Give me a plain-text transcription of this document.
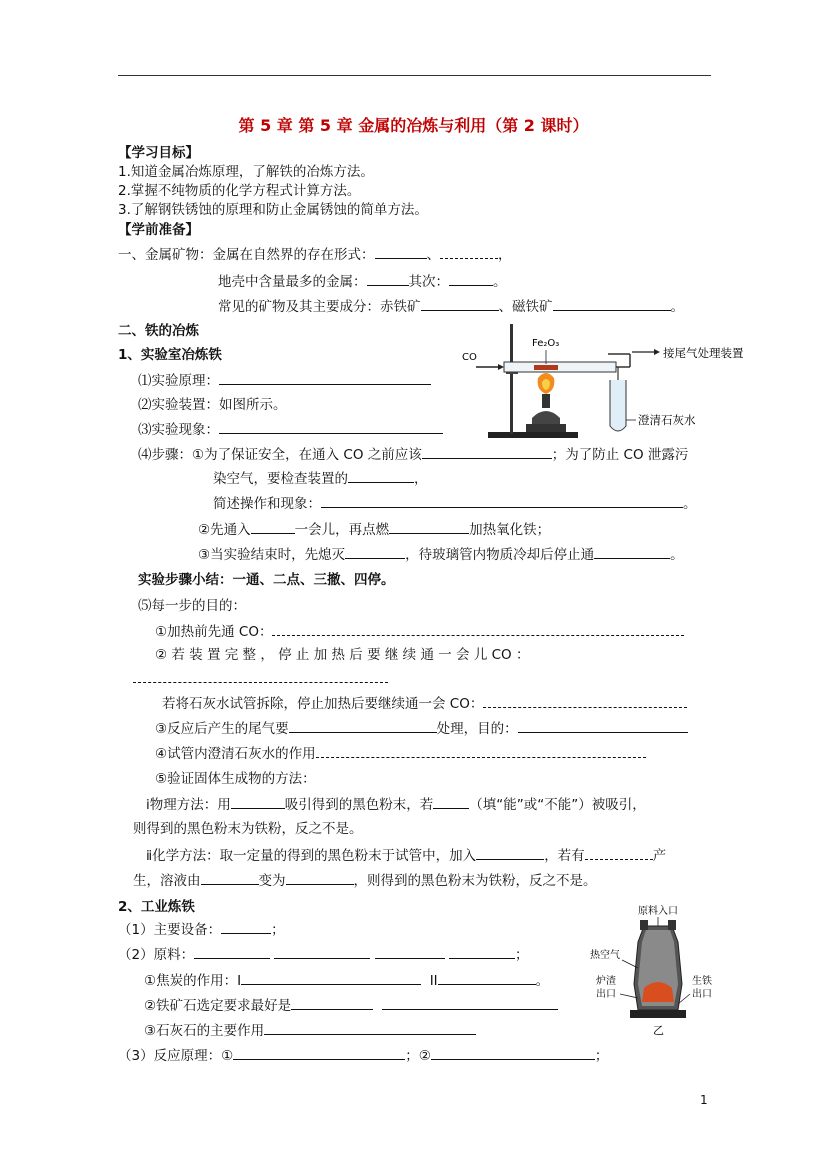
第 5 章 第 5 章 金属的冶炼与利用（第 2 课时）
【学习目标】
1.知道金属冶炼原理，了解铁的冶炼方法。
2.掌握不纯物质的化学方程式计算方法。
3.了解钢铁锈蚀的原理和防止金属锈蚀的简单方法。
【学前准备】
一、金属矿物：金属在自然界的存在形式：	、	，
地壳中含量最多的金属：	其次：	。
常见的矿物及其主要成分：赤铁矿	、磁铁矿	。
二、铁的冶炼
1、实验室冶炼铁
⑴实验原理：
⑵实验装置：如图所示。
⑶实验现象：
CO
Fe₂O₃
接尾气处理装置
澄清石灰水
⑷步骤：①为了保证安全，在通入 CO 之前应该	；为了防止 CO 泄露污
染空气，要检查装置的	，
简述操作和现象：	。
②先通入	一会儿，再点燃	加热氧化铁；
③当实验结束时，先熄灭	，待玻璃管内物质冷却后停止通	。
实验步骤小结：一通、二点、三撤、四停。
⑸每一步的目的：
①加热前先通 CO：
② 若 装 置 完 整 ， 停 止 加 热 后 要 继 续 通 一 会 儿 CO ：
若将石灰水试管拆除，停止加热后要继续通一会 CO：
③反应后产生的尾气要	处理，目的：
④试管内澄清石灰水的作用
⑤验证固体生成物的方法：
ⅰ物理方法：用	吸引得到的黑色粉末，若	（填“能”或“不能”）被吸引，
则得到的黑色粉末为铁粉，反之不是。
ⅱ化学方法：取一定量的得到的黑色粉末于试管中，加入	，若有	产
生，溶液由	变为	，则得到的黑色粉末为铁粉，反之不是。
2、工业炼铁
（1）主要设备：	；
（2）原料：	；
①焦炭的作用：I	II	。
②铁矿石选定要求最好是
③石灰石的主要作用
（3）反应原理：①	；②	；
原料入口
热空气
炉渣
出口
生铁
出口
乙
1
